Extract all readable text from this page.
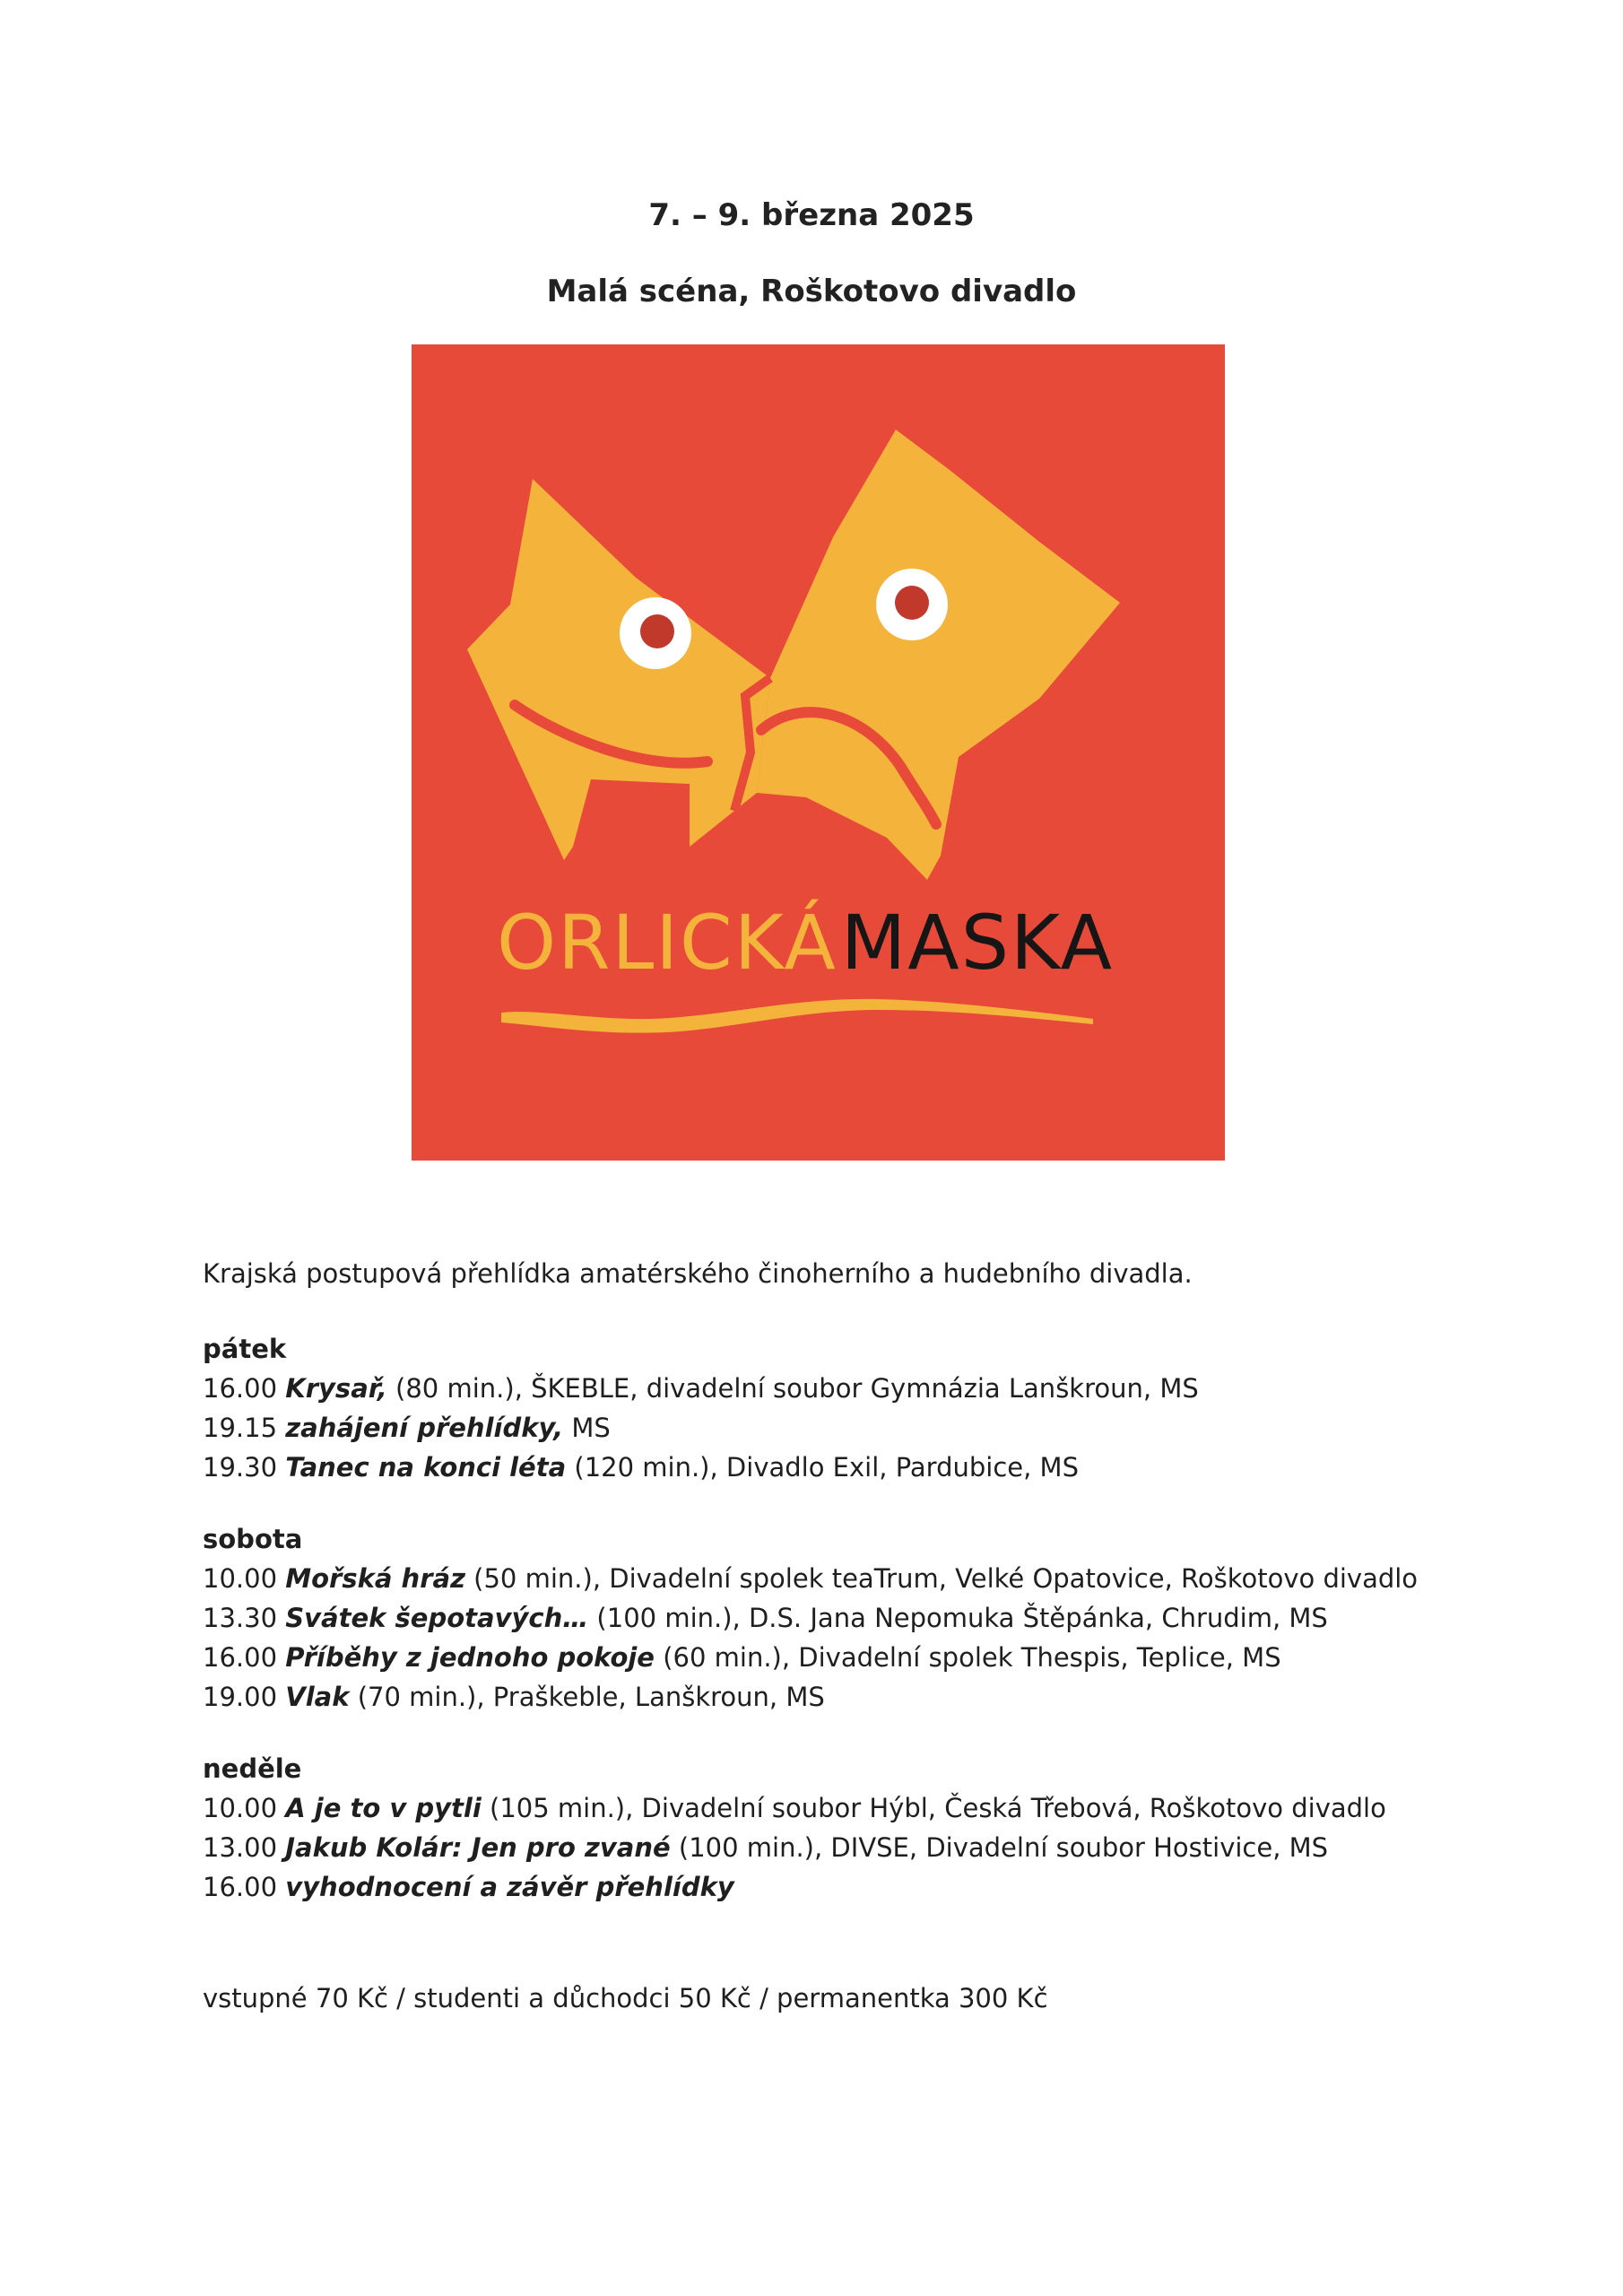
7. – 9. března 2025
Malá scéna, Roškotovo divadlo
ORLICKÁMASKA
Krajská postupová přehlídka amatérského činoherního a hudebního divadla.
pátek
16.00 Krysař, (80 min.), ŠKEBLE, divadelní soubor Gymnázia Lanškroun, MS
19.15 zahájení přehlídky, MS
19.30 Tanec na konci léta (120 min.), Divadlo Exil, Pardubice, MS
sobota
10.00 Mořská hráz (50 min.), Divadelní spolek teaTrum, Velké Opatovice, Roškotovo divadlo
13.30 Svátek šepotavých… (100 min.), D.S. Jana Nepomuka Štěpánka, Chrudim, MS
16.00 Příběhy z jednoho pokoje (60 min.), Divadelní spolek Thespis, Teplice, MS
19.00 Vlak (70 min.), Praškeble, Lanškroun, MS
neděle
10.00 A je to v pytli (105 min.), Divadelní soubor Hýbl, Česká Třebová, Roškotovo divadlo
13.00 Jakub Kolár: Jen pro zvané (100 min.), DIVSE, Divadelní soubor Hostivice, MS
16.00 vyhodnocení a závěr přehlídky
vstupné 70 Kč / studenti a důchodci 50 Kč / permanentka 300 Kč
